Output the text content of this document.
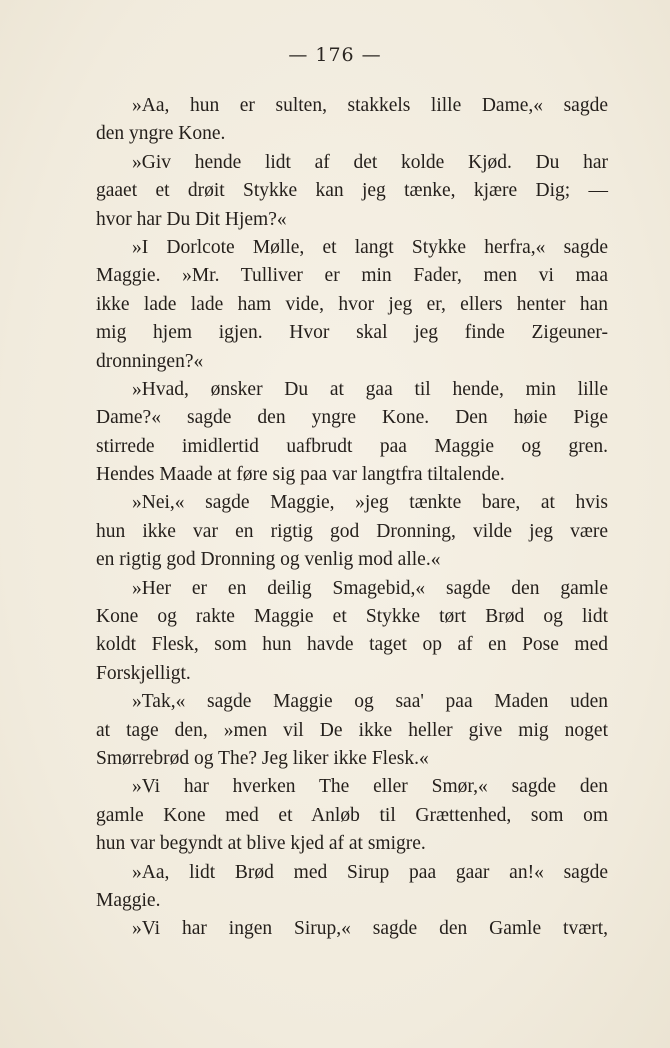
— 176 —
»Aa, hun er sulten, stakkels lille Dame,« sagde
den yngre Kone.
»Giv hende lidt af det kolde Kjød. Du har
gaaet et drøit Stykke kan jeg tænke, kjære Dig; —
hvor har Du Dit Hjem?«
»I Dorlcote Mølle, et langt Stykke herfra,« sagde
Maggie. »Mr. Tulliver er min Fader, men vi maa
ikke lade lade ham vide, hvor jeg er, ellers henter han
mig hjem igjen. Hvor skal jeg finde Zigeuner-
dronningen?«
»Hvad, ønsker Du at gaa til hende, min lille
Dame?« sagde den yngre Kone. Den høie Pige
stirrede imidlertid uafbrudt paa Maggie og gren.
Hendes Maade at føre sig paa var langtfra tiltalende.
»Nei,« sagde Maggie, »jeg tænkte bare, at hvis
hun ikke var en rigtig god Dronning, vilde jeg være
en rigtig god Dronning og venlig mod alle.«
»Her er en deilig Smagebid,« sagde den gamle
Kone og rakte Maggie et Stykke tørt Brød og lidt
koldt Flesk, som hun havde taget op af en Pose med
Forskjelligt.
»Tak,« sagde Maggie og saa' paa Maden uden
at tage den, »men vil De ikke heller give mig noget
Smørrebrød og The? Jeg liker ikke Flesk.«
»Vi har hverken The eller Smør,« sagde den
gamle Kone med et Anløb til Grættenhed, som om
hun var begyndt at blive kjed af at smigre.
»Aa, lidt Brød med Sirup paa gaar an!« sagde
Maggie.
»Vi har ingen Sirup,« sagde den Gamle tvært,
